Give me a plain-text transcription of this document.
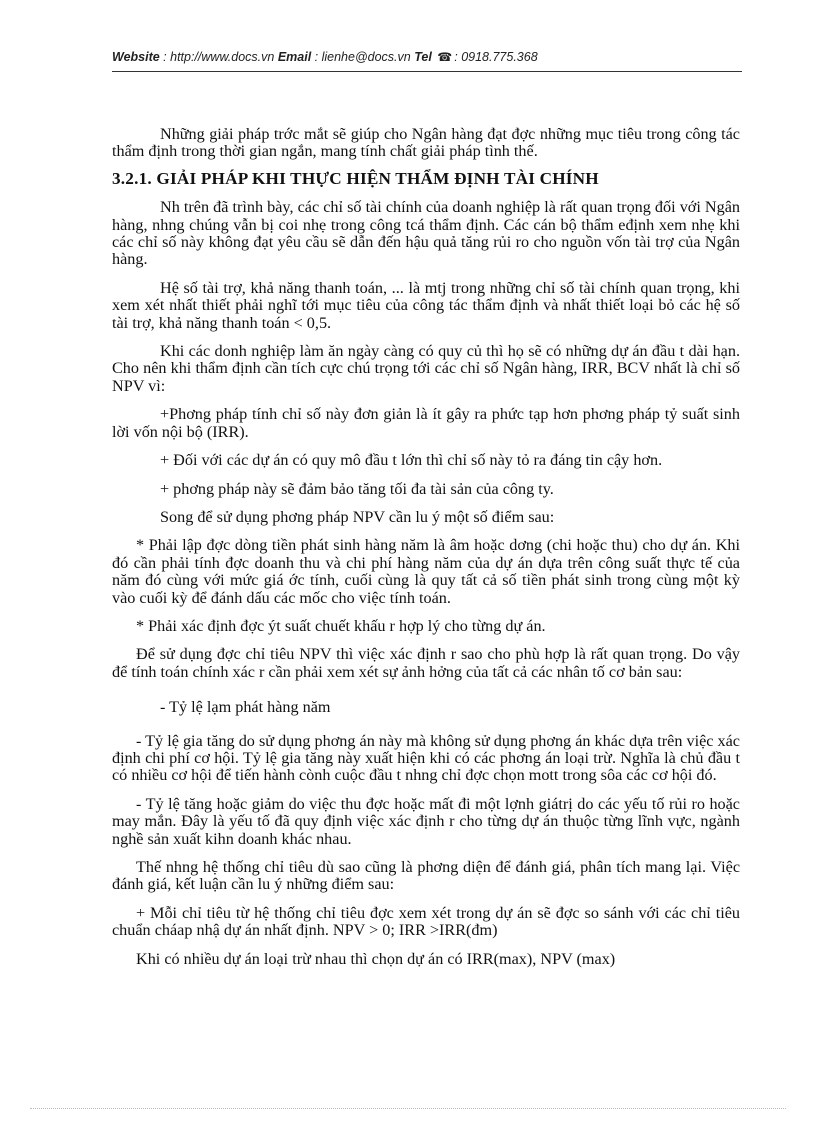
Website : http://www.docs.vn Email : lienhe@docs.vn Tel ☎ : 0918.775.368

Những giải pháp trớc mắt sẽ giúp cho Ngân hàng đạt đợc những mục tiêu trong công tác thẩm định trong thời gian ngắn, mang tính chất giải pháp tình thế.

3.2.1. GIẢI PHÁP KHI THỰC HIỆN THẨM ĐỊNH TÀI CHÍNH

Nh trên đã trình bày, các chỉ số tài chính của doanh nghiệp là rất quan trọng đối với Ngân hàng, nhng chúng vẫn bị coi nhẹ trong công tcá thẩm định. Các cán bộ thẩm eđịnh xem nhẹ khi các chỉ số này không đạt yêu cầu sẽ dẫn đến hậu quả tăng rủi ro cho nguồn vốn tài trợ của Ngân hàng.

Hệ số tài trợ, khả năng thanh toán, ... là mtj trong những chỉ số tài chính quan trọng, khi xem xét nhất thiết phải nghĩ tới mục tiêu của công tác thẩm định và nhất thiết loại bỏ các hệ số tài trợ, khả năng thanh toán < 0,5.

Khi các donh nghiệp làm ăn ngày càng có quy củ thì họ sẽ có những dự án đầu t dài hạn. Cho nên khi thẩm định cần tích cực chú trọng tới các chỉ số Ngân hàng, IRR, BCV nhất là chỉ số NPV vì:

+Phơng pháp tính chỉ số này đơn giản là ít gây ra phức tạp hơn phơng pháp tỷ suất sinh lời vốn nội bộ (IRR).

+ Đối với các dự án có quy mô đầu t lớn thì chỉ số này tỏ ra đáng tin cậy hơn.

+ phơng pháp này sẽ đảm bảo tăng tối đa tài sản của công ty.

Song để sử dụng phơng pháp NPV cần lu ý một số điểm sau:

* Phải lập đợc dòng tiền phát sinh hàng năm là âm hoặc dơng (chi hoặc thu) cho dự án. Khi đó cần phải tính đợc doanh thu và chi phí hàng năm của dự án dựa trên công suất thực tế của năm đó cùng với mức giá ớc tính, cuối cùng là quy tất cả số tiền phát sinh trong cùng một kỳ vào cuối kỳ để đánh dấu các mốc cho việc tính toán.

* Phải xác định đợc ýt suất chuết khấu r hợp lý cho từng dự án.

Để sử dụng đợc chỉ tiêu NPV thì việc xác định r sao cho phù hợp là rất quan trọng. Do vậy để tính toán chính xác r cần phải xem xét sự ảnh hởng của tất cả các nhân tố cơ bản sau:

- Tỷ lệ lạm phát hàng năm

- Tỷ lệ gia tăng do sử dụng phơng án này mà không sử dụng phơng án khác dựa trên việc xác định chi phí cơ hội. Tỷ lệ gia tăng này xuất hiện khi có các phơng án loại trừ. Nghĩa là chủ đầu t có nhiều cơ hội để tiến hành cònh cuộc đầu t nhng chỉ đợc chọn mott trong sôa các cơ hội đó.

- Tỷ lệ tăng hoặc giảm do việc thu đợc hoặc mất đi một lợnh giátrị do các yếu tố rủi ro hoặc may mắn. Đây là yếu tố đã quy định việc xác định r cho từng dự án thuộc từng lĩnh vực, ngành nghề sản xuất kihn doanh khác nhau.

Thế nhng hệ thống chỉ tiêu dù sao cũng là phơng diện để đánh giá, phân tích mang lại. Việc đánh giá, kết luận cần lu ý những điểm sau:

+ Mỗi chỉ tiêu từ hệ thống chỉ tiêu đợc xem xét trong dự án sẽ đợc so sánh với các chỉ tiêu chuẩn cháap nhậ dự án nhất định. NPV > 0; IRR >IRR(đm)

Khi có nhiều dự án loại trừ nhau thì chọn dự án có IRR(max), NPV (max)
